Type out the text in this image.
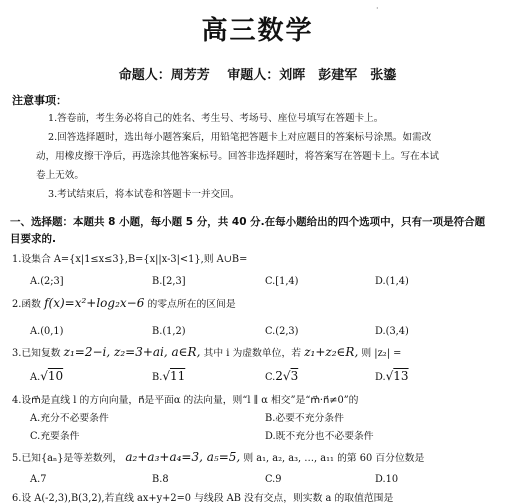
·
高三数学
命题人：周芳芳　 审题人：刘晖　彭建军　张鎏
注意事项：
1.答卷前，考生务必将自己的姓名、考生号、考场号、座位号填写在答题卡上。
2.回答选择题时，选出每小题答案后，用铅笔把答题卡上对应题目的答案标号涂黑。如需改
动，用橡皮擦干净后，再选涂其他答案标号。回答非选择题时，将答案写在答题卡上。写在本试
卷上无效。
3.考试结束后，将本试卷和答题卡一并交回。
一、选择题：本题共 8 小题，每小题 5 分，共 40 分.在每小题给出的四个选项中，只有一项是符合题
目要求的.
1.设集合 A={x|1≤x≤3},B={x||x-3|<1},则 A∪B=
A.(2;3]	B.[2,3]	C.[1,4)	D.(1,4)
2.函数 f(x)=x²+log₂x−6 的零点所在的区间是
A.(0,1)	B.(1,2)	C.(2,3)	D.(3,4)
3.已知复数 z₁=2−i, z₂=3+ai, a∈R, 其中 i 为虚数单位，若 z₁+z₂∈R, 则 |z₂| =
A.√10	B.√11	C.2√3	D.√13
4.设m⃗是直线 l 的方向向量，n⃗是平面α 的法向量，则“l ∥ α 相交”是“m⃗·n⃗≠0”的
A.充分不必要条件	B.必要不充分条件
C.充要条件	D.既不充分也不必要条件
5.已知{aₙ}是等差数列， a₂+a₃+a₄=3, a₅=5, 则 a₁, a₂, a₃, …, a₁₁ 的第 60 百分位数是
A.7	B.8	C.9	D.10
6.设 A(-2,3),B(3,2),若直线 ax+y+2=0 与线段 AB 没有交点，则实数 a 的取值范围是
